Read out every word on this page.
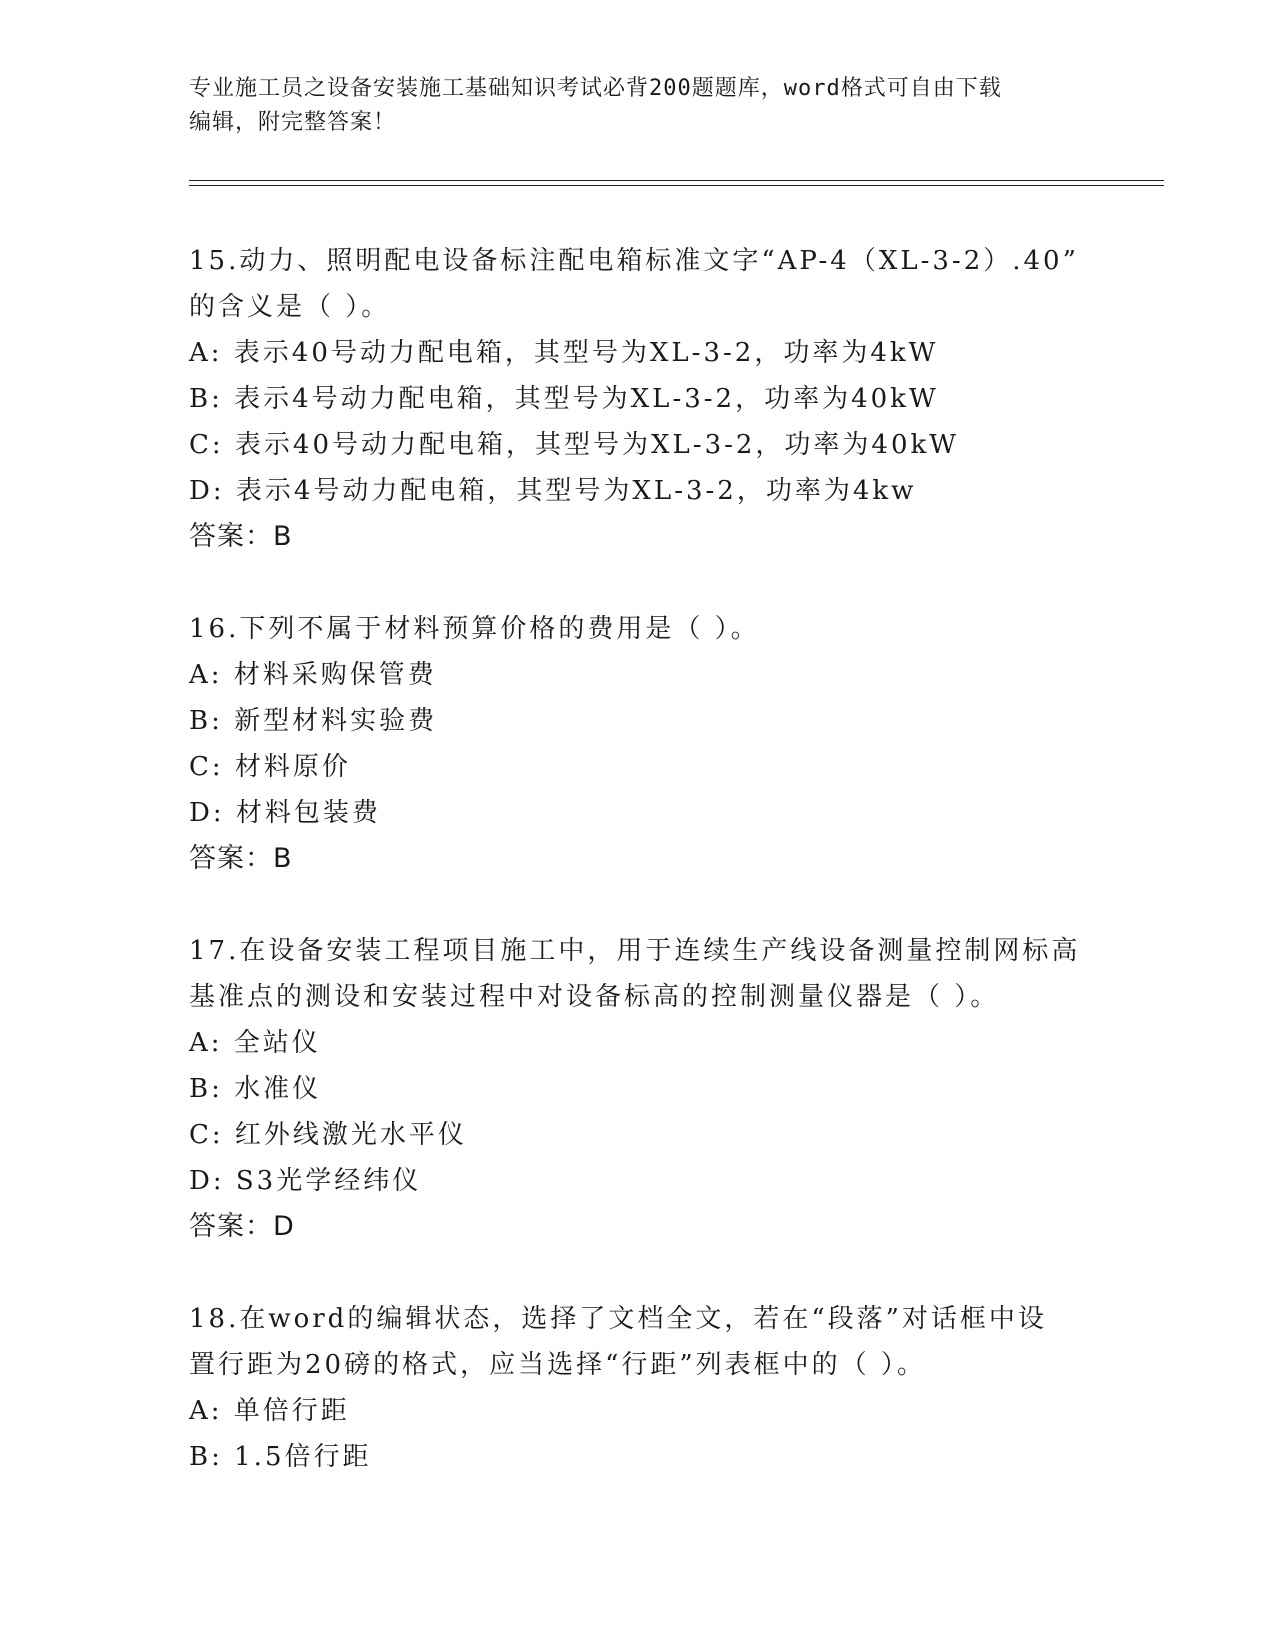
专业施工员之设备安装施工基础知识考试必背200题题库，word格式可自由下载
编辑，附完整答案！
15.动力、照明配电设备标注配电箱标准文字“AP-4（XL-3-2）.40”
的含义是（ ）。
A: 表示40号动力配电箱，其型号为XL-3-2，功率为4kW
B: 表示4号动力配电箱，其型号为XL-3-2，功率为40kW
C: 表示40号动力配电箱，其型号为XL-3-2，功率为40kW
D: 表示4号动力配电箱，其型号为XL-3-2，功率为4kw
答案：B
16.下列不属于材料预算价格的费用是（ ）。
A: 材料采购保管费
B: 新型材料实验费
C: 材料原价
D: 材料包装费
答案：B
17.在设备安装工程项目施工中，用于连续生产线设备测量控制网标高
基准点的测设和安装过程中对设备标高的控制测量仪器是（ ）。
A: 全站仪
B: 水准仪
C: 红外线激光水平仪
D: S3光学经纬仪
答案：D
18.在word的编辑状态，选择了文档全文，若在“段落”对话框中设
置行距为20磅的格式，应当选择“行距”列表框中的（ ）。
A: 单倍行距
B: 1.5倍行距
